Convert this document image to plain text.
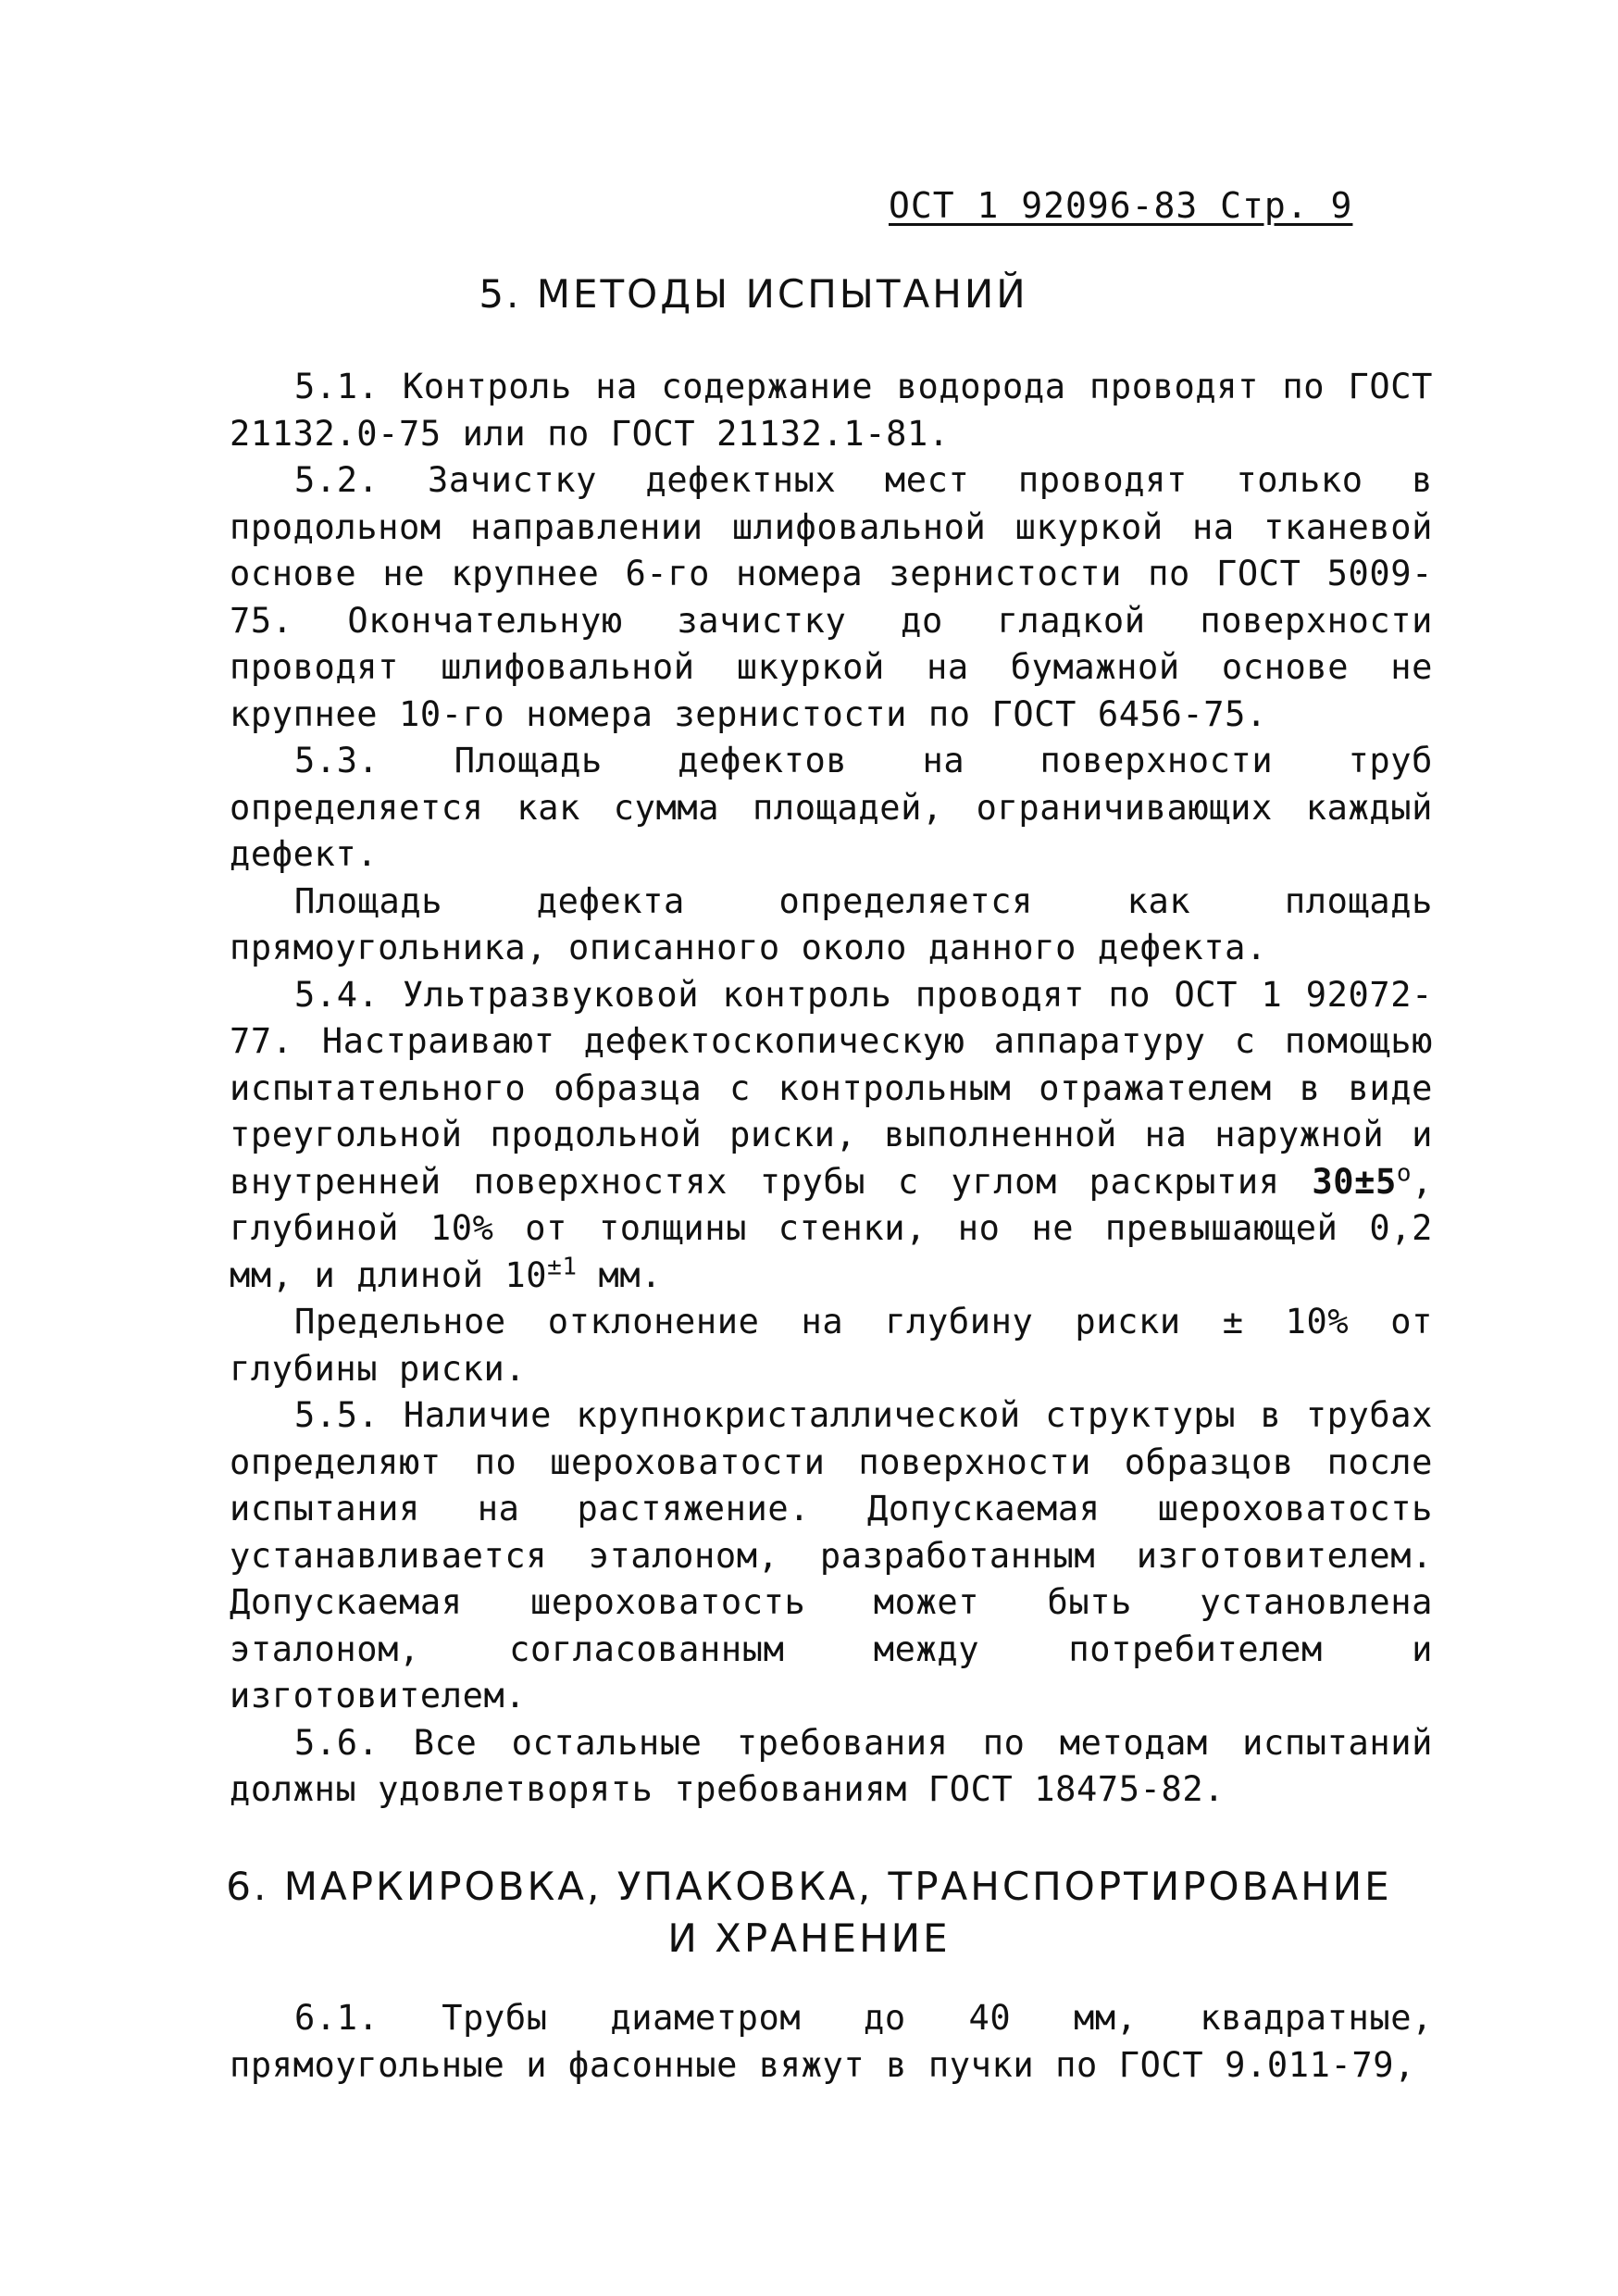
ОСТ 1 92096-83 Стр. 9
5. МЕТОДЫ ИСПЫТАНИЙ

5.1. Контроль на содержание водорода проводят по ГОСТ 21132.0-75 или по ГОСТ 21132.1-81.

5.2. Зачистку дефектных мест проводят только в продольном направлении шлифовальной шкуркой на тканевой основе не крупнее 6-го номера зернистости по ГОСТ 5009-75. Окончательную зачистку до гладкой поверхности проводят шлифовальной шкуркой на бумажной основе не крупнее 10-го номера зернистости по ГОСТ 6456-75.

5.3. Площадь дефектов на поверхности труб определяется как сумма площадей, ограничивающих каждый дефект.

Площадь дефекта определяется как площадь прямоугольника, описанного около данного дефекта.

5.4. Ультразвуковой контроль проводят по ОСТ 1 92072-77. Настраивают дефектоскопическую аппаратуру с помощью испытательного образца с контрольным отражателем в виде треугольной продольной риски, выполненной на наружной и внутренней поверхностях трубы с углом раскрытия $30\pm 5^о$, глубиной 10% от толщины стенки, но не превышающей 0,2 мм, и длиной $10^{\pm 1}$ мм.

Предельное отклонение на глубину риски ± 10% от глубины риски.

5.5. Наличие крупнокристаллической структуры в трубах определяют по шероховатости поверхности образцов после испытания на растяжение. Допускаемая шероховатость устанавливается эталоном, разработанным изготовителем. Допускаемая шероховатость может быть установлена эталоном, согласованным между потребителем и изготовителем.

5.6. Все остальные требования по методам испытаний должны удовлетворять требованиям ГОСТ 18475-82.

6. МАРКИРОВКА, УПАКОВКА, ТРАНСПОРТИРОВАНИЕ
И ХРАНЕНИЕ

6.1. Трубы диаметром до 40 мм, квадратные, прямоугольные и фасонные вяжут в пучки по ГОСТ 9.011-79,
